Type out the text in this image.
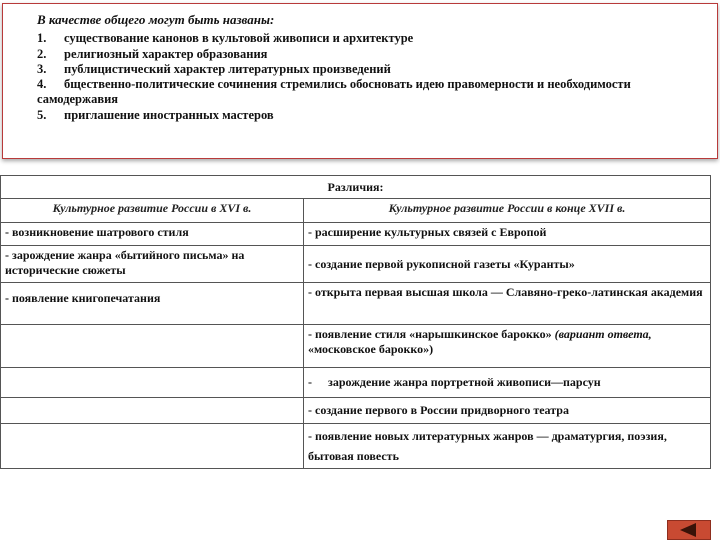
В качестве общего могут быть названы:
1. существование канонов в культовой живописи и архитектуре
2. религиозный характер образования
3. публицистический характер литературных произведений
4. бщественно-политические сочинения стремились обосновать идею правомерности и необходимости
самодержавия
5. приглашение иностранных мастеров
Различия:	
Культурное развитие России в XVI в.	Культурное развитие России в конце XVII в.
- возникновение шатрового стиля	- расширение культурных связей с Европой
- зарождение жанра «бытийного письма» на исторические сюжеты	- создание первой рукописной газеты «Куранты»
- появление книгопечатания	- открыта первая высшая школа — Славяно-греко-латинская академия
	- появление стиля «нарышкинское барокко» (вариант ответа, «московское барокко»)
	- зарождение жанра портретной живописи—парсун
	- создание первого в России придворного театра
	- появление новых литературных жанров — драматургия, поэзия, бытовая повесть
